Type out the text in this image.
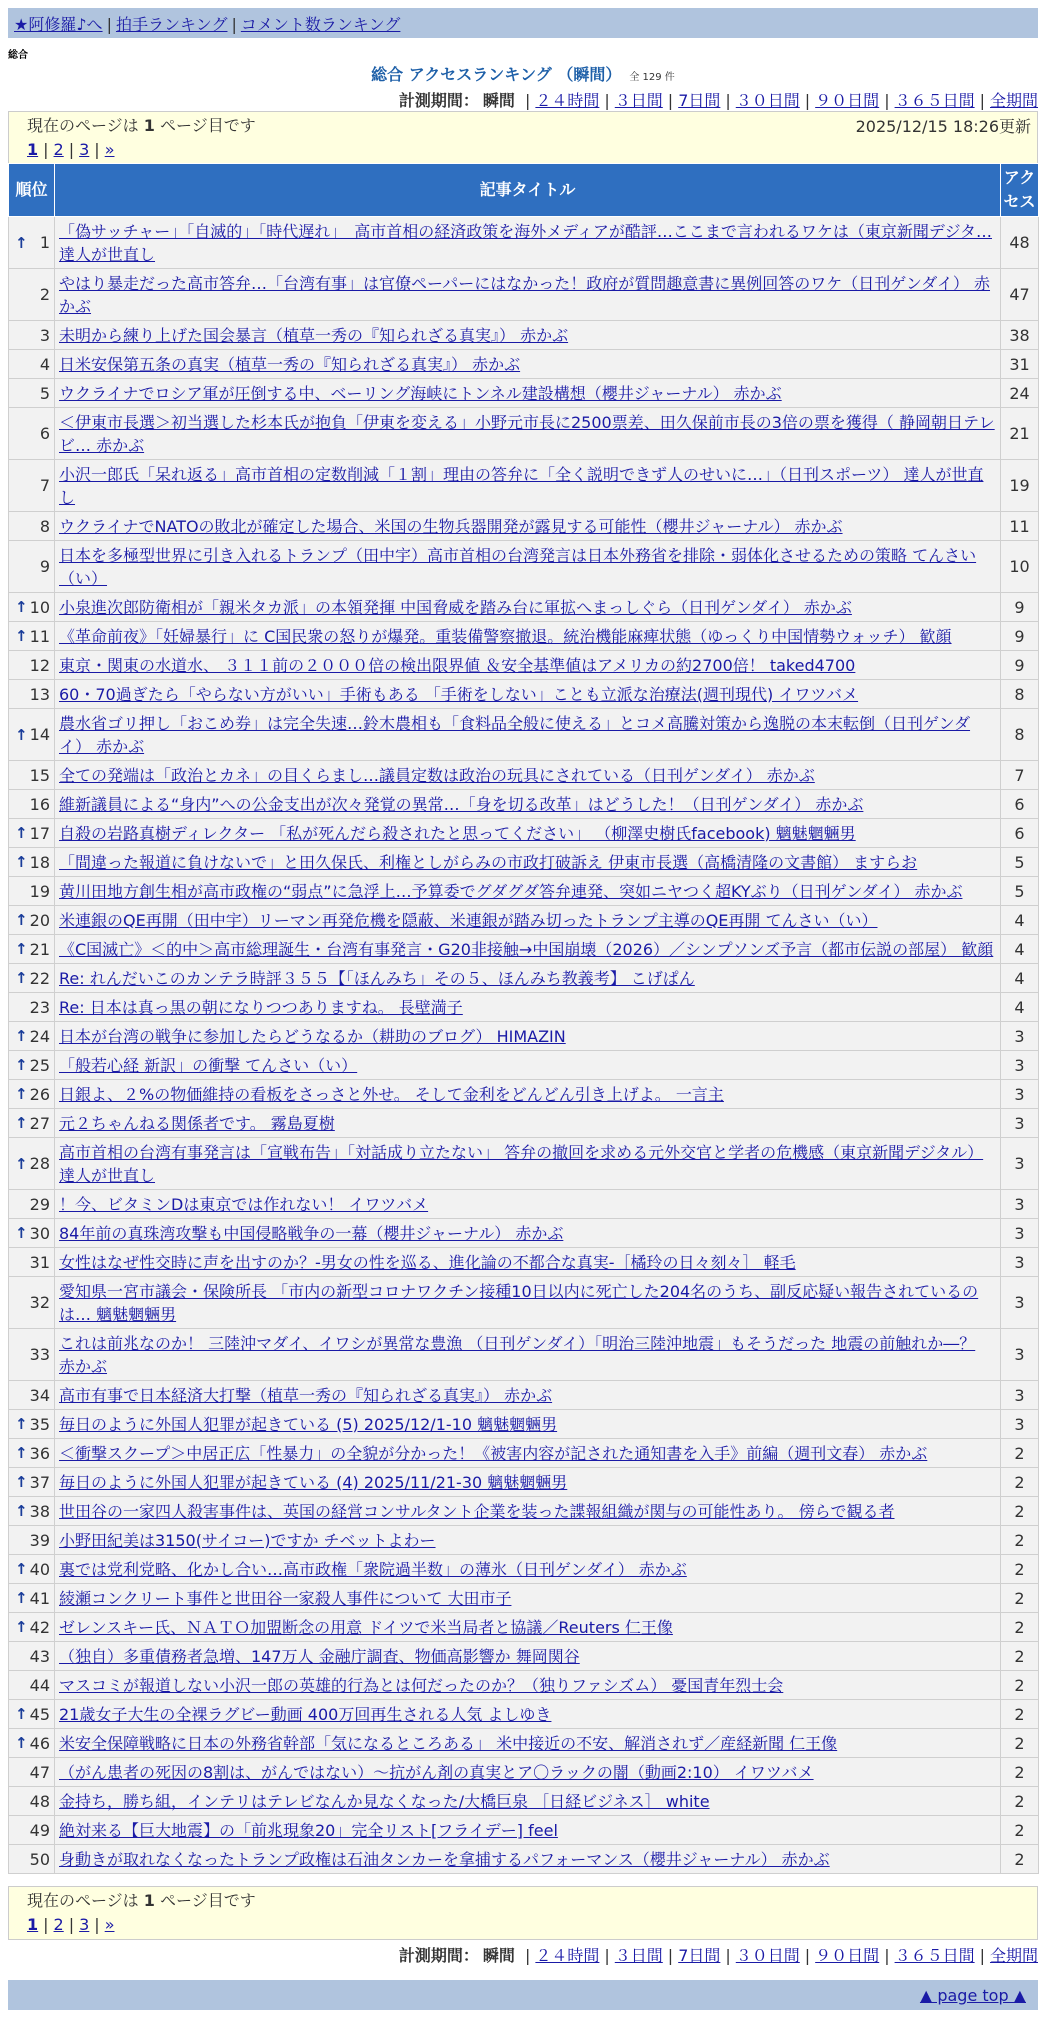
★阿修羅♪へ | 拍手ランキング | コメント数ランキング
総合
総合 アクセスランキング （瞬間） 全 129 件
計測期間： 瞬間 | ２４時間 | ３日間 | 7日間 | ３０日間 | ９０日間 | ３６５日間 | 全期間
現在のページは 1 ページ目です	2025/12/15 18:26更新
1 | 2 | 3 | »
順位	記事タイトル	アクセス

↑ 1	「偽サッチャー」「自滅的」「時代遅れ」　高市首相の経済政策を海外メディアが酷評…ここまで言われるワケは（東京新聞デジタ… 達人が世直し	48
2	やはり暴走だった高市答弁…「台湾有事」は官僚ペーパーにはなかった！政府が質問趣意書に異例回答のワケ（日刊ゲンダイ） 赤かぶ	47
3	未明から練り上げた国会暴言（植草一秀の『知られざる真実』） 赤かぶ	38
4	日米安保第五条の真実（植草一秀の『知られざる真実』） 赤かぶ	31
5	ウクライナでロシア軍が圧倒する中、ベーリング海峡にトンネル建設構想（櫻井ジャーナル） 赤かぶ	24
6	＜伊東市長選＞初当選した杉本氏が抱負「伊東を変える」小野元市長に2500票差、田久保前市長の3倍の票を獲得（ 静岡朝日テレビ… 赤かぶ	21
7	小沢一郎氏「呆れ返る」高市首相の定数削減「１割」理由の答弁に「全く説明できず人のせいに…」（日刊スポーツ） 達人が世直し	19
8	ウクライナでNATOの敗北が確定した場合、米国の生物兵器開発が露見する可能性（櫻井ジャーナル） 赤かぶ	11
9	日本を多極型世界に引き入れるトランプ（田中宇）高市首相の台湾発言は日本外務省を排除・弱体化させるための策略 てんさい（い）	10

↑ 10	小泉進次郎防衛相が「親米タカ派」の本領発揮 中国脅威を踏み台に軍拡へまっしぐら（日刊ゲンダイ） 赤かぶ	9

↑ 11	《革命前夜》「妊婦暴行」に C国民衆の怒りが爆発。重装備警察撤退。統治機能麻痺状態（ゆっくり中国情勢ウォッチ） 歓顔	9
12	東京・関東の水道水、 ３１１前の２０００倍の検出限界値 ＆安全基準値はアメリカの約2700倍！ taked4700	9
13	60・70過ぎたら「やらない方がいい」手術もある 「手術をしない」ことも立派な治療法(週刊現代) イワツバメ	8

↑ 14	農水省ゴリ押し「おこめ券」は完全失速…鈴木農相も「食料品全般に使える」とコメ高騰対策から逸脱の本末転倒（日刊ゲンダイ） 赤かぶ	8
15	全ての発端は「政治とカネ」の目くらまし…議員定数は政治の玩具にされている（日刊ゲンダイ） 赤かぶ	7
16	維新議員による“身内”への公金支出が次々発覚の異常…「身を切る改革」はどうした！（日刊ゲンダイ） 赤かぶ	6

↑ 17	自殺の岩路真樹ディレクター 「私が死んだら殺されたと思ってください」 （柳澤史樹氏facebook) 魑魅魍魎男	6

↑ 18	「間違った報道に負けないで」と田久保氏、利権としがらみの市政打破訴え 伊東市長選（高橋清隆の文書館） ますらお	5
19	黄川田地方創生相が高市政権の“弱点”に急浮上…予算委でグダグダ答弁連発、突如ニヤつく超KYぶり（日刊ゲンダイ） 赤かぶ	5

↑ 20	米連銀のQE再開（田中宇）リーマン再発危機を隠蔽、米連銀が踏み切ったトランプ主導のQE再開 てんさい（い）	4

↑ 21	《C国滅亡》＜的中＞高市総理誕生・台湾有事発言・G20非接触→中国崩壊（2026）／シンプソンズ予言（都市伝説の部屋） 歓顔	4

↑ 22	Re: れんだいこのカンテラ時評３５５【「ほんみち」その５、ほんみち教義考】 こげぱん	4
23	Re: 日本は真っ黒の朝になりつつありますね。 長壁満子	4

↑ 24	日本が台湾の戦争に参加したらどうなるか（耕助のブログ） HIMAZIN	3

↑ 25	「般若心経 新訳」の衝撃 てんさい（い）	3

↑ 26	日銀よ、２%の物価維持の看板をさっさと外せ。 そして金利をどんどん引き上げよ。 一言主	3

↑ 27	元２ちゃんねる関係者です。 霧島夏樹	3

↑ 28	高市首相の台湾有事発言は「宣戦布告」「対話成り立たない」 答弁の撤回を求める元外交官と学者の危機感（東京新聞デジタル） 達人が世直し	3
29	！今、ビタミンDは東京では作れない！ イワツバメ	3

↑ 30	84年前の真珠湾攻撃も中国侵略戦争の一幕（櫻井ジャーナル） 赤かぶ	3
31	女性はなぜ性交時に声を出すのか？-男女の性を巡る、進化論の不都合な真実-［橘玲の日々刻々］ 軽毛	3
32	愛知県一宮市議会・保険所長 「市内の新型コロナワクチン接種10日以内に死亡した204名のうち、副反応疑い報告されているのは… 魑魅魍魎男	3
33	これは前兆なのか！ 三陸沖マダイ、イワシが異常な豊漁 （日刊ゲンダイ）「明治三陸沖地震」もそうだった 地震の前触れか―？ 赤かぶ	3
34	高市有事で日本経済大打撃（植草一秀の『知られざる真実』） 赤かぶ	3

↑ 35	毎日のように外国人犯罪が起きている (5) 2025/12/1-10 魑魅魍魎男	3

↑ 36	＜衝撃スクープ＞中居正広「性暴力」の全貌が分かった！《被害内容が記された通知書を入手》前編（週刊文春） 赤かぶ	2

↑ 37	毎日のように外国人犯罪が起きている (4) 2025/11/21-30 魑魅魍魎男	2

↑ 38	世田谷の一家四人殺害事件は、英国の経営コンサルタント企業を装った諜報組織が関与の可能性あり。 傍らで観る者	2
39	小野田紀美は3150(サイコー)ですか チベットよわー	2

↑ 40	裏では党利党略、化かし合い…高市政権「衆院過半数」の薄氷（日刊ゲンダイ） 赤かぶ	2

↑ 41	綾瀬コンクリート事件と世田谷一家殺人事件について 大田市子	2

↑ 42	ゼレンスキー氏、ＮＡＴＯ加盟断念の用意 ドイツで米当局者と協議／Reuters 仁王像	2
43	（独自）多重債務者急増、147万人 金融庁調査、物価高影響か 舞岡関谷	2
44	マスコミが報道しない小沢一郎の英雄的行為とは何だったのか？（独りファシズム） 憂国青年烈士会	2

↑ 45	21歳女子大生の全裸ラグビー動画 400万回再生される人気 よしゆき	2

↑ 46	米安全保障戦略に日本の外務省幹部「気になるところある」 米中接近の不安、解消されず／産経新聞 仁王像	2
47	（がん患者の死因の8割は、がんではない）～抗がん剤の真実とア〇ラックの闇（動画2:10） イワツバメ	2
48	金持ち，勝ち組，インテリはテレビなんか見なくなった/大橋巨泉 ［日経ビジネス］ white	2
49	絶対来る【巨大地震】の「前兆現象20」完全リスト[フライデー] feel	2
50	身動きが取れなくなったトランプ政権は石油タンカーを拿捕するパフォーマンス（櫻井ジャーナル） 赤かぶ	2
現在のページは 1 ページ目です
1 | 2 | 3 | »
計測期間： 瞬間 | ２４時間 | ３日間 | 7日間 | ３０日間 | ９０日間 | ３６５日間 | 全期間
▲ page top ▲
